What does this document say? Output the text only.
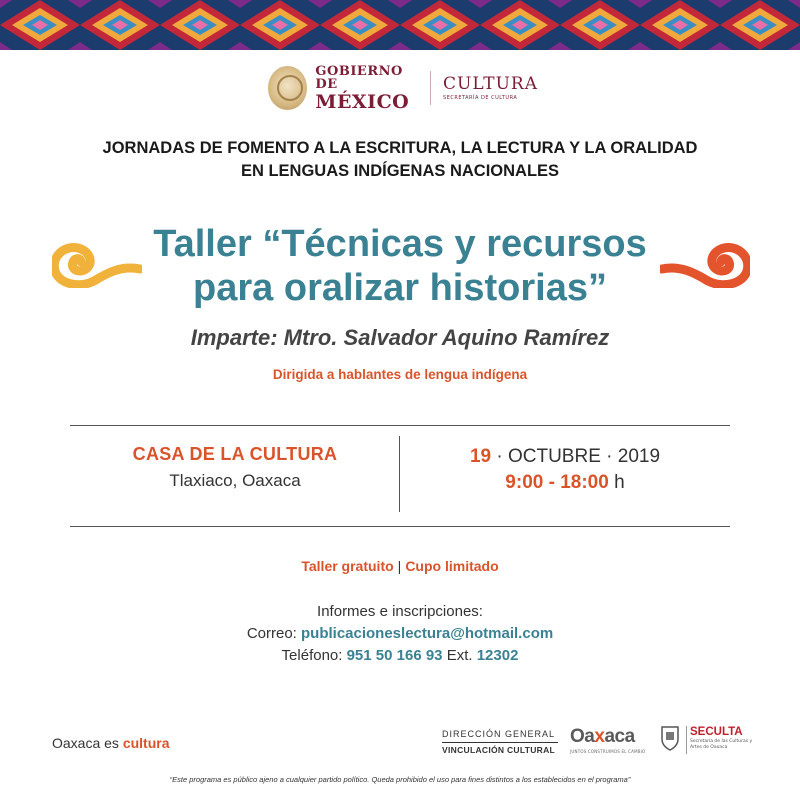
GOBIERNO DE
MÉXICO
CULTURA
SECRETARÍA DE CULTURA
JORNADAS DE FOMENTO A LA ESCRITURA, LA LECTURA Y LA ORALIDAD
EN LENGUAS INDÍGENAS NACIONALES
Taller “Técnicas y recursos
para oralizar historias”
Imparte: Mtro. Salvador Aquino Ramírez
Dirigida a hablantes de lengua indígena
CASA DE LA CULTURA
Tlaxiaco, Oaxaca
19 · OCTUBRE · 2019
9:00 - 18:00 h
Taller gratuito | Cupo limitado
Informes e inscripciones:
Correo: publicacioneslectura@hotmail.com
Teléfono: 951 50 166 93 Ext. 12302
Oaxaca es cultura
DIRECCIÓN GENERAL
VINCULACIÓN CULTURAL
Oaxaca
JUNTOS CONSTRUIMOS EL CAMBIO
SECULTA
Secretaría de las Culturas y
Artes de Oaxaca
“Este programa es público ajeno a cualquier partido político. Queda prohibido el uso para fines distintos a los establecidos en el programa”
